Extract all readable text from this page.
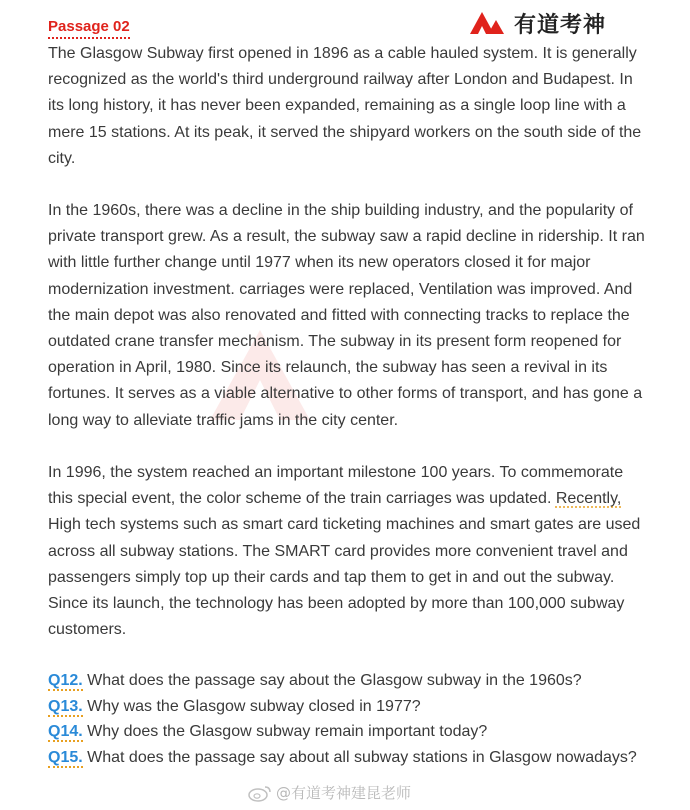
Passage 02	有道考神
The Glasgow Subway first opened in 1896 as a cable hauled system. It is generally recognized as the world's third underground railway after London and Budapest. In its long history, it has never been expanded, remaining as a single loop line with a mere 15 stations. At its peak, it served the shipyard workers on the south side of the city.
In the 1960s, there was a decline in the ship building industry, and the popularity of private transport grew. As a result, the subway saw a rapid decline in ridership. It ran with little further change until 1977 when its new operators closed it for major modernization investment. carriages were replaced, Ventilation was improved. And the main depot was also renovated and fitted with connecting tracks to replace the outdated crane transfer mechanism. The subway in its present form reopened for operation in April, 1980. Since its relaunch, the subway has seen a revival in its fortunes. It serves as a viable alternative to other forms of transport, and has gone a long way to alleviate traffic jams in the city center.
In 1996, the system reached an important milestone 100 years. To commemorate this special event, the color scheme of the train carriages was updated. Recently, High tech systems such as smart card ticketing machines and smart gates are used across all subway stations. The SMART card provides more convenient travel and passengers simply top up their cards and tap them to get in and out the subway. Since its launch, the technology has been adopted by more than 100,000 subway customers.
Q12. What does the passage say about the Glasgow subway in the 1960s?
Q13. Why was the Glasgow subway closed in 1977?
Q14. Why does the Glasgow subway remain important today?
Q15. What does the passage say about all subway stations in Glasgow nowadays?
@有道考神建昆老师
